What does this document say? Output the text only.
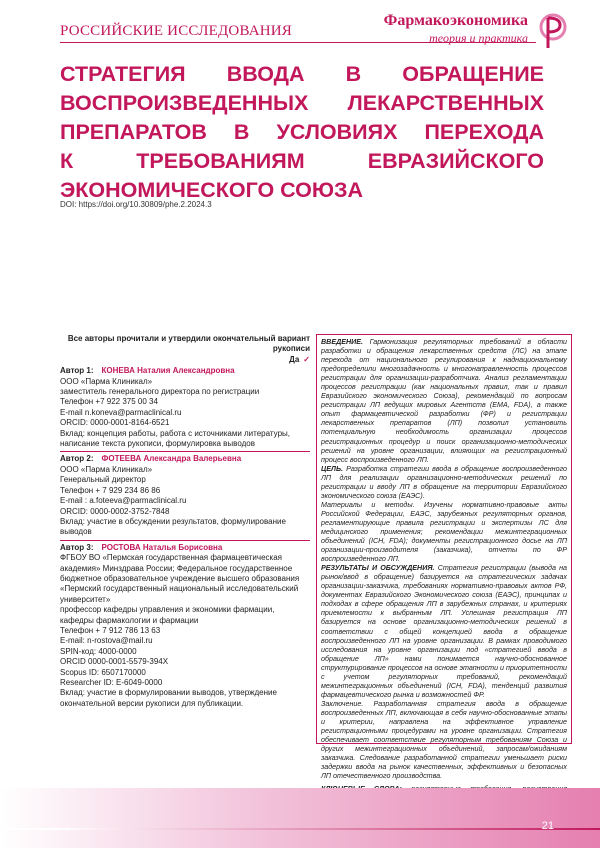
РОССИЙСКИЕ ИССЛЕДОВАНИЯ
Фармакоэкономика
теория и практика
СТРАТЕГИЯ ВВОДА В ОБРАЩЕНИЕ
ВОСПРОИЗВЕДЕННЫХ ЛЕКАРСТВЕННЫХ
ПРЕПАРАТОВ В УСЛОВИЯХ ПЕРЕХОДА
К ТРЕБОВАНИЯМ ЕВРАЗИЙСКОГО
ЭКОНОМИЧЕСКОГО СОЮЗА
DOI: https://doi.org/10.30809/phe.2.2024.3
Все авторы прочитали и утвердили окончательный вариант рукописи
Да ✓
Автор 1: КОНЕВА Наталия Александровна
ООО «Парма Клиникал»
заместитель генерального директора по регистрации
Телефон +7 922 375 00 34
E-mail n.koneva@parmaclinical.ru
ORCID: 0000-0001-8164-6521
Вклад: концепция работы, работа с источниками литературы, написание текста рукописи, формулировка выводов
Автор 2: ФОТЕЕВА Александра Валерьевна
ООО «Парма Клиникал»
Генеральный директор
Телефон + 7 929 234 86 86
E-mail : a.foteeva@parmaclinical.ru
ORCID: 0000-0002-3752-7848
Вклад: участие в обсуждении результатов, формулирование выводов
Автор 3: РОСТОВА Наталья Борисовна
ФГБОУ ВО «Пермская государственная фармацевтическая академия» Минздрава России; Федеральное государственное бюджетное образовательное учреждение высшего образования «Пермский государственный национальный исследовательский университет»
профессор кафедры управления и экономики фармации, кафедры фармакологии и фармации
Телефон + 7 912 786 13 63
E-mail: n-rostova@mail.ru
SPIN-код: 4000-0000
ORCID 0000-0001-5579-394X
Scopus ID: 6507170000
Researcher ID: E-6049-0000
Вклад: участие в формулировании выводов, утверждение окончательной версии рукописи для публикации.

ВВЕДЕНИЕ. Гармонизация регуляторных требований в области разработки и обращения лекарственных средств (ЛС) на этапе перехода от национального регулирования к наднациональному предопределили многозадачность и многонаправленность процессов регистрации для организации-разработчика. Анализ регламентации процессов регистрации (как национальных правил, так и правил Евразийского экономического Союза), рекомендаций по вопросам регистрации ЛП ведущих мировых Агентств (EMA, FDA), а также опыт фармацевтической разработки (ФР) и регистрации лекарственных препаратов (ЛП) позволил установить потенциальную необходимость организации процессов регистрационных процедур и поиск организационно-методических решений на уровне организации, влияющих на регистрационный процесс воспроизведенного ЛП.

ЦЕЛЬ. Разработка стратегии ввода в обращение воспроизведенного ЛП для реализации организационно-методических решений по регистрации и вводу ЛП в обращение на территории Евразийского экономического союза (ЕАЭС).

Материалы и методы. Изучены нормативно-правовые акты Российской Федерации, ЕАЭС, зарубежных регуляторных органов, регламентирующие правила регистрации и экспертизы ЛС для медицинского применения; рекомендации межинтеграционных объединений (ICH, FDA); документы регистрационного досье на ЛП организации-производителя (заказчика), отчеты по ФР воспроизведенного ЛП.

РЕЗУЛЬТАТЫ И ОБСУЖДЕНИЯ. Стратегия регистрации (вывода на рынок/ввод в обращение) базируется на стратегических задачах организации-заказчика, требованиях нормативно-правовых актов РФ, документах Евразийского Экономического союза (ЕАЭС), принципах и подходах в сфере обращения ЛП в зарубежных странах, и критериях приемлемости к выбранным ЛП. Успешная регистрация ЛП базируется на основе организационно-методических решений в соответствии с общей концепцией ввода в обращение воспроизведенного ЛП на уровне организации. В рамках проводимого исследования на уровне организации под «стратегией ввода в обращение ЛП» нами понимается научно-обоснованное структурирование процессов на основе этапности и приоритетности с учетом регуляторных требований, рекомендаций межинтеграционных объединений (ICH, FDA), тенденций развития фармацевтического рынка и возможностей ФР.

Заключение. Разработанная стратегия ввода в обращение воспроизведенных ЛП, включающая в себя научно-обоснованные этапы и критерии, направлена на эффективное управление регистрационными процедурами на уровне организации. Стратегия обеспечивает соответствие регуляторным требованиям Союза и других межинтеграционных объединений, запросам/ожиданиям заказчика. Следование разработанной стратегии уменьшает риски задержки ввода на рынок качественных, эффективных и безопасных ЛП отечественного производства.

21
